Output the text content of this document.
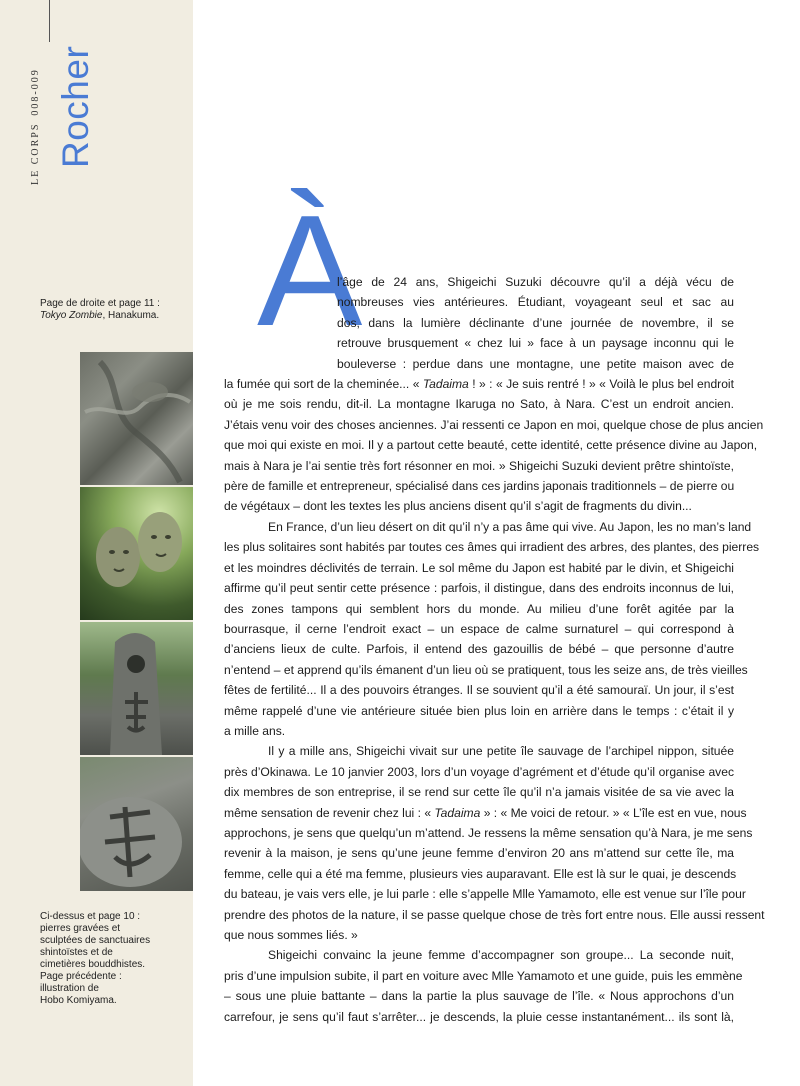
LE CORPS008-009 Rocher
Page de droite et page 11 :
Tokyo Zombie, Hanakuma.
Ci-dessus et page 10 :
pierres gravées et
sculptées de sanctuaires
shintoïstes et de
cimetières bouddhistes.
Page précédente :
illustration de
Hobo Komiyama.
À
l’âge de 24 ans, Shigeichi Suzuki découvre qu’il a déjà vécu de
nombreuses vies antérieures. Étudiant, voyageant seul et sac au
dos, dans la lumière déclinante d’une journée de novembre, il se
retrouve brusquement « chez lui » face à un paysage inconnu qui le
bouleverse : perdue dans une montagne, une petite maison avec de
la fumée qui sort de la cheminée... « Tadaima ! » : « Je suis rentré ! » « Voilà le plus bel endroit
où je me sois rendu, dit-il. La montagne Ikaruga no Sato, à Nara. C’est un endroit ancien.
J’étais venu voir des choses anciennes. J’ai ressenti ce Japon en moi, quelque chose de plus ancien
que moi qui existe en moi. Il y a partout cette beauté, cette identité, cette présence divine au Japon,
mais à Nara je l’ai sentie très fort résonner en moi. » Shigeichi Suzuki devient prêtre shintoïste,
père de famille et entrepreneur, spécialisé dans ces jardins japonais traditionnels – de pierre ou
de végétaux – dont les textes les plus anciens disent qu’il s’agit de fragments du divin...
En France, d’un lieu désert on dit qu’il n’y a pas âme qui vive. Au Japon, les no man’s land
les plus solitaires sont habités par toutes ces âmes qui irradient des arbres, des plantes, des pierres
et les moindres déclivités de terrain. Le sol même du Japon est habité par le divin, et Shigeichi
affirme qu’il peut sentir cette présence : parfois, il distingue, dans des endroits inconnus de lui,
des zones tampons qui semblent hors du monde. Au milieu d’une forêt agitée par la
bourrasque, il cerne l’endroit exact – un espace de calme surnaturel – qui correspond à
d’anciens lieux de culte. Parfois, il entend des gazouillis de bébé – que personne d’autre
n’entend – et apprend qu’ils émanent d’un lieu où se pratiquent, tous les seize ans, de très vieilles
fêtes de fertilité... Il a des pouvoirs étranges. Il se souvient qu’il a été samouraï. Un jour, il s’est
même rappelé d’une vie antérieure située bien plus loin en arrière dans le temps : c’était il y
a mille ans.
Il y a mille ans, Shigeichi vivait sur une petite île sauvage de l’archipel nippon, située
près d’Okinawa. Le 10 janvier 2003, lors d’un voyage d’agrément et d’étude qu’il organise avec
dix membres de son entreprise, il se rend sur cette île qu’il n’a jamais visitée de sa vie avec la
même sensation de revenir chez lui : « Tadaima » : « Me voici de retour. » « L’île est en vue, nous
approchons, je sens que quelqu’un m’attend. Je ressens la même sensation qu’à Nara, je me sens
revenir à la maison, je sens qu’une jeune femme d’environ 20 ans m’attend sur cette île, ma
femme, celle qui a été ma femme, plusieurs vies auparavant. Elle est là sur le quai, je descends
du bateau, je vais vers elle, je lui parle : elle s’appelle Mlle Yamamoto, elle est venue sur l’île pour
prendre des photos de la nature, il se passe quelque chose de très fort entre nous. Elle aussi ressent
que nous sommes liés. »
Shigeichi convainc la jeune femme d’accompagner son groupe... La seconde nuit,
pris d’une impulsion subite, il part en voiture avec Mlle Yamamoto et une guide, puis les emmène
– sous une pluie battante – dans la partie la plus sauvage de l’île. « Nous approchons d’un
carrefour, je sens qu’il faut s’arrêter... je descends, la pluie cesse instantanément... ils sont là,
